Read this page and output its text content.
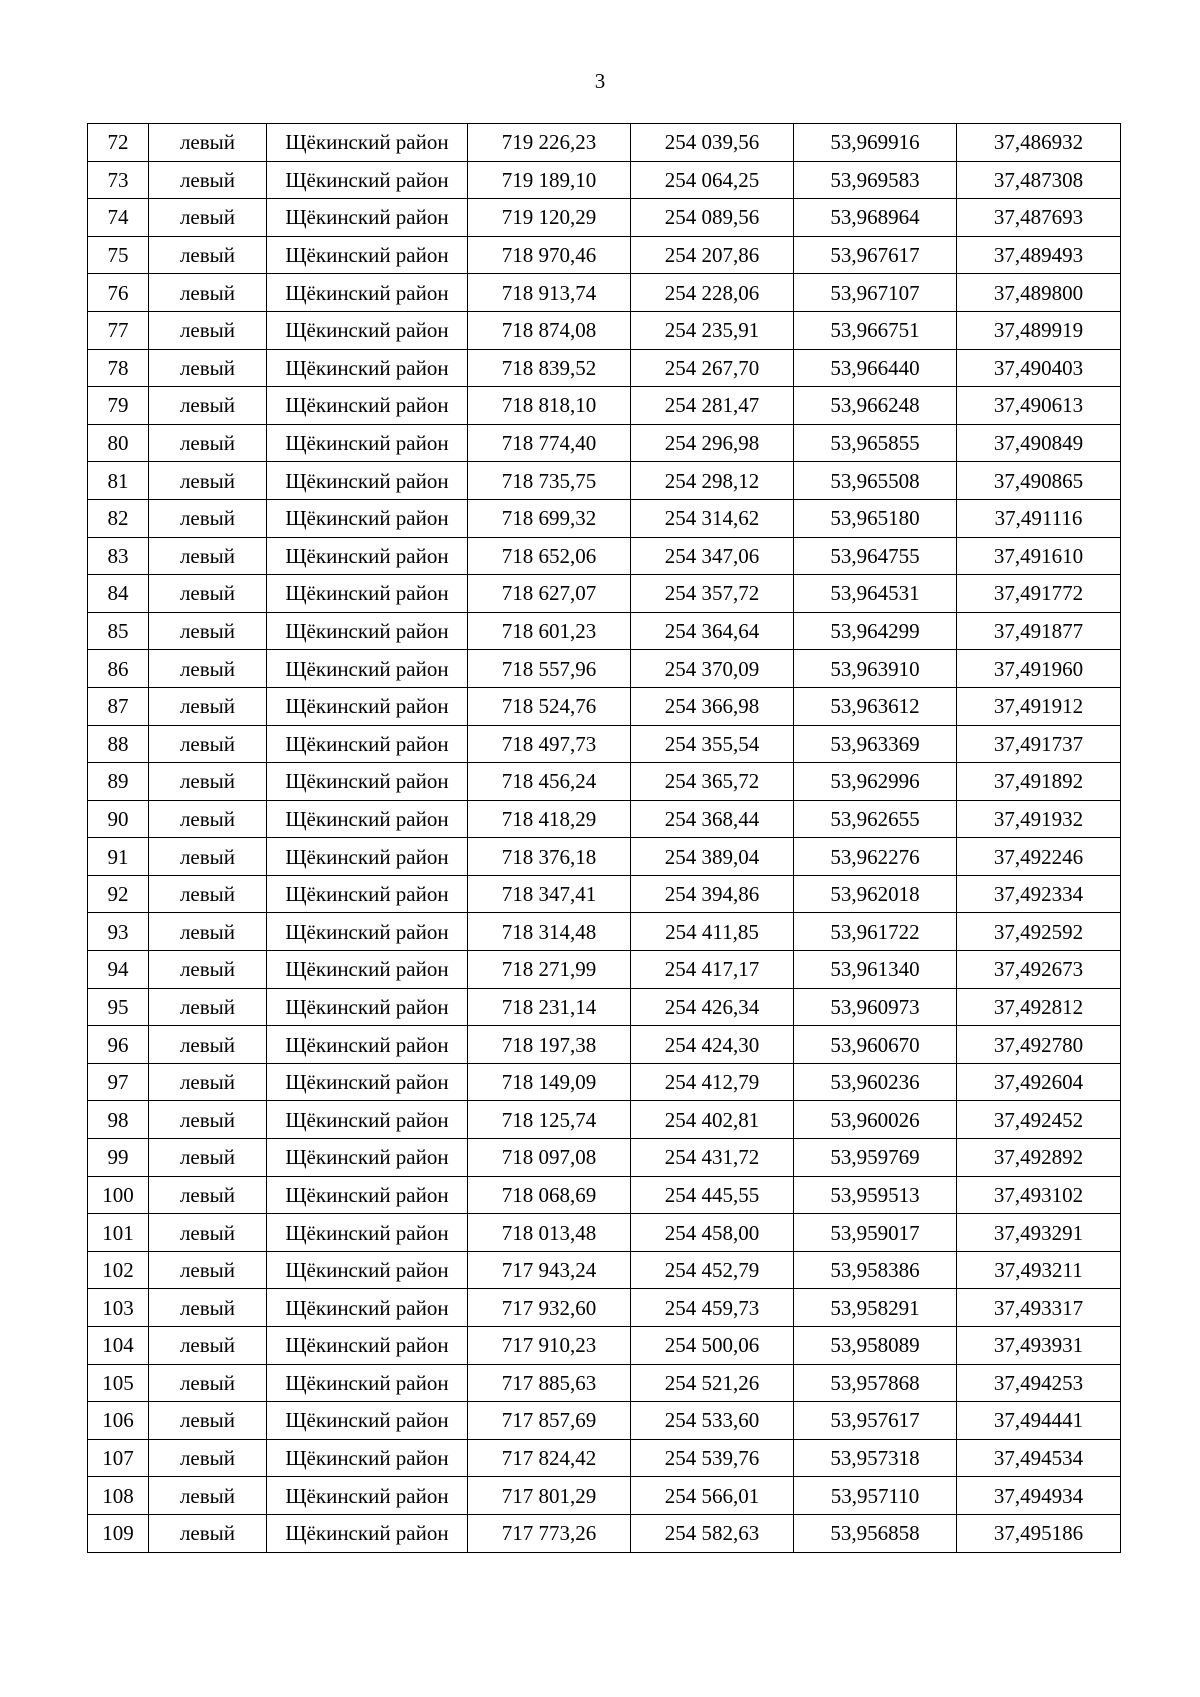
3
72	левый	Щёкинский район	719 226,23	254 039,56	53,969916	37,486932
73	левый	Щёкинский район	719 189,10	254 064,25	53,969583	37,487308
74	левый	Щёкинский район	719 120,29	254 089,56	53,968964	37,487693
75	левый	Щёкинский район	718 970,46	254 207,86	53,967617	37,489493
76	левый	Щёкинский район	718 913,74	254 228,06	53,967107	37,489800
77	левый	Щёкинский район	718 874,08	254 235,91	53,966751	37,489919
78	левый	Щёкинский район	718 839,52	254 267,70	53,966440	37,490403
79	левый	Щёкинский район	718 818,10	254 281,47	53,966248	37,490613
80	левый	Щёкинский район	718 774,40	254 296,98	53,965855	37,490849
81	левый	Щёкинский район	718 735,75	254 298,12	53,965508	37,490865
82	левый	Щёкинский район	718 699,32	254 314,62	53,965180	37,491116
83	левый	Щёкинский район	718 652,06	254 347,06	53,964755	37,491610
84	левый	Щёкинский район	718 627,07	254 357,72	53,964531	37,491772
85	левый	Щёкинский район	718 601,23	254 364,64	53,964299	37,491877
86	левый	Щёкинский район	718 557,96	254 370,09	53,963910	37,491960
87	левый	Щёкинский район	718 524,76	254 366,98	53,963612	37,491912
88	левый	Щёкинский район	718 497,73	254 355,54	53,963369	37,491737
89	левый	Щёкинский район	718 456,24	254 365,72	53,962996	37,491892
90	левый	Щёкинский район	718 418,29	254 368,44	53,962655	37,491932
91	левый	Щёкинский район	718 376,18	254 389,04	53,962276	37,492246
92	левый	Щёкинский район	718 347,41	254 394,86	53,962018	37,492334
93	левый	Щёкинский район	718 314,48	254 411,85	53,961722	37,492592
94	левый	Щёкинский район	718 271,99	254 417,17	53,961340	37,492673
95	левый	Щёкинский район	718 231,14	254 426,34	53,960973	37,492812
96	левый	Щёкинский район	718 197,38	254 424,30	53,960670	37,492780
97	левый	Щёкинский район	718 149,09	254 412,79	53,960236	37,492604
98	левый	Щёкинский район	718 125,74	254 402,81	53,960026	37,492452
99	левый	Щёкинский район	718 097,08	254 431,72	53,959769	37,492892
100	левый	Щёкинский район	718 068,69	254 445,55	53,959513	37,493102
101	левый	Щёкинский район	718 013,48	254 458,00	53,959017	37,493291
102	левый	Щёкинский район	717 943,24	254 452,79	53,958386	37,493211
103	левый	Щёкинский район	717 932,60	254 459,73	53,958291	37,493317
104	левый	Щёкинский район	717 910,23	254 500,06	53,958089	37,493931
105	левый	Щёкинский район	717 885,63	254 521,26	53,957868	37,494253
106	левый	Щёкинский район	717 857,69	254 533,60	53,957617	37,494441
107	левый	Щёкинский район	717 824,42	254 539,76	53,957318	37,494534
108	левый	Щёкинский район	717 801,29	254 566,01	53,957110	37,494934
109	левый	Щёкинский район	717 773,26	254 582,63	53,956858	37,495186
